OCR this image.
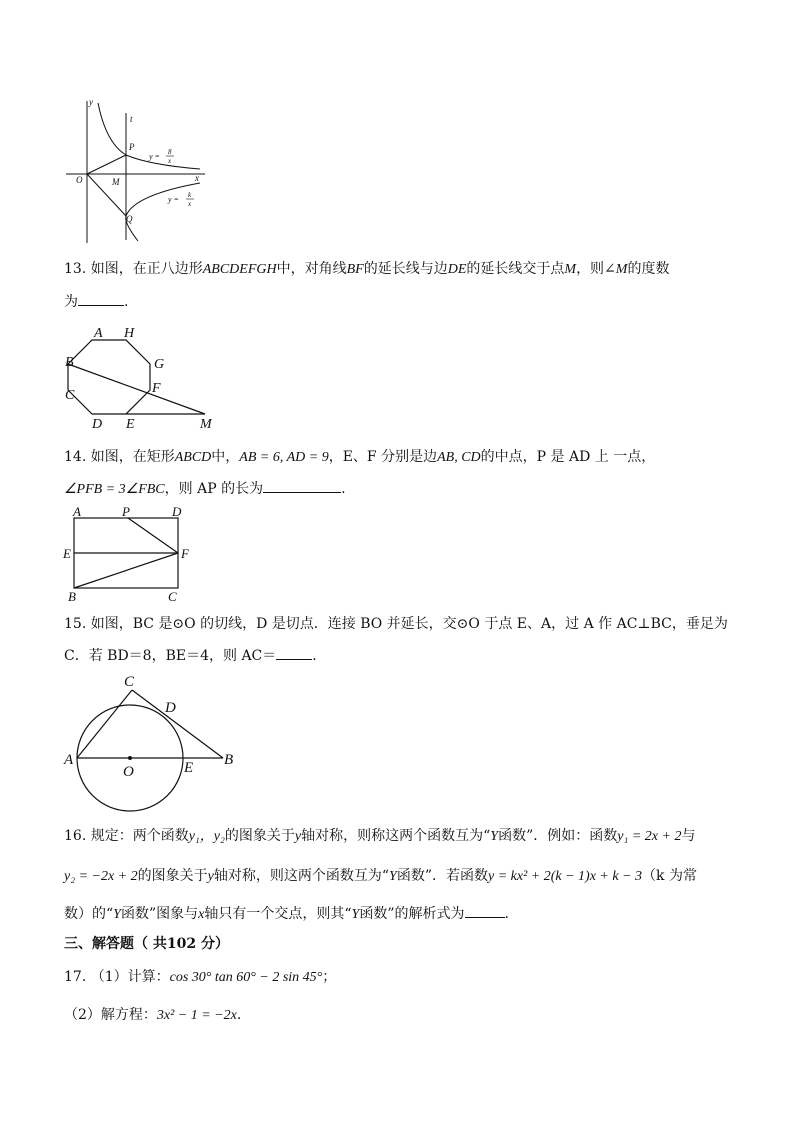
y
t
x
O	M
P
Q
y = 8
x
y = k
x
13. 如图，在正八边形ABCDEFGH中，对角线BF的延长线与边DE的延长线交于点M，则∠M的度数
为	.
A H
B	G
C	F
D E	M
14. 如图，在矩形ABCD中，AB = 6, AD = 9，E、F 分别是边AB, CD的中点，P 是 AD 上 一点，
∠PFB = 3∠FBC，则 AP 的长为	.
A	P	D
E	F
B	C
15. 如图，BC 是⊙O 的切线，D 是切点．连接 BO 并延长，交⊙O 于点 E、A，过 A 作 AC⊥BC，垂足为
C．若 BD＝8，BE＝4，则 AC＝	．
C
D
A
O	E B
16. 规定：两个函数y₁，y₂的图象关于y轴对称，则称这两个函数互为“Y函数”．例如：函数y₁ = 2x + 2与
y₂ = −2x + 2的图象关于y轴对称，则这两个函数互为“Y函数”．若函数y = kx² + 2(k − 1)x + k − 3（k 为常
数）的“Y函数”图象与x轴只有一个交点，则其“Y函数”的解析式为	.
三、解答题（ 共102 分）
17. （1）计算：cos 30° tan 60° − 2 sin 45°；
（2）解方程：3x² − 1 = −2x.
